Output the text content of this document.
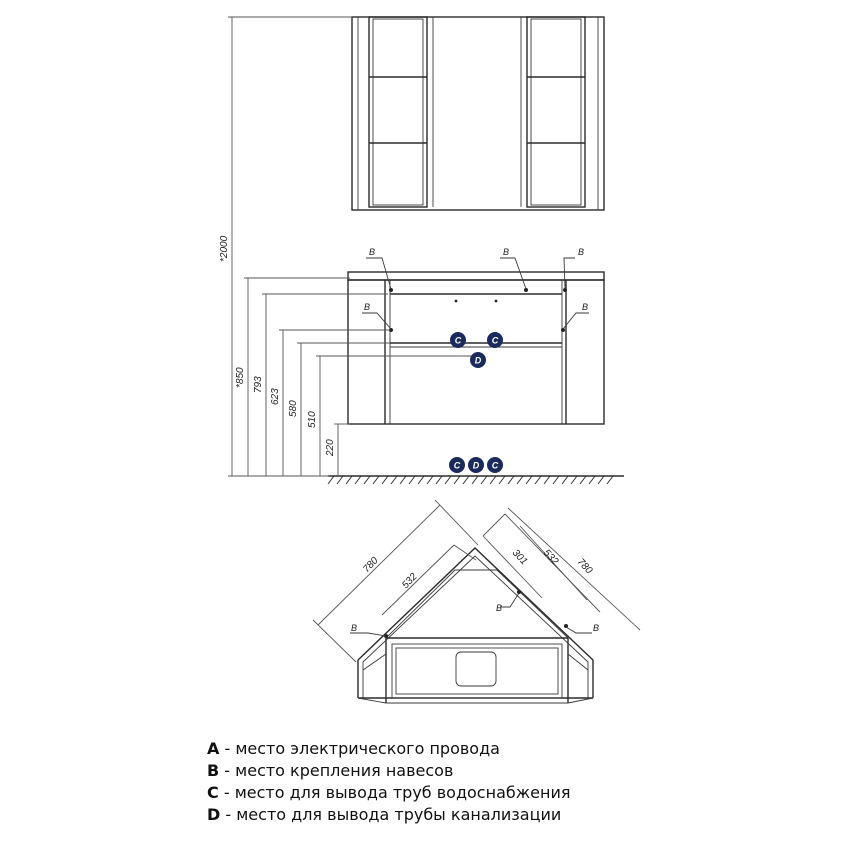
*2000
*850 793
623
580
510
220
B	B	B
B	B
C	C
D
C D C
780
532
301 532 780
B
B
B
A - место электрического провода
B - место крепления навесов
C - место для вывода труб водоснабжения
D - место для вывода трубы канализации
